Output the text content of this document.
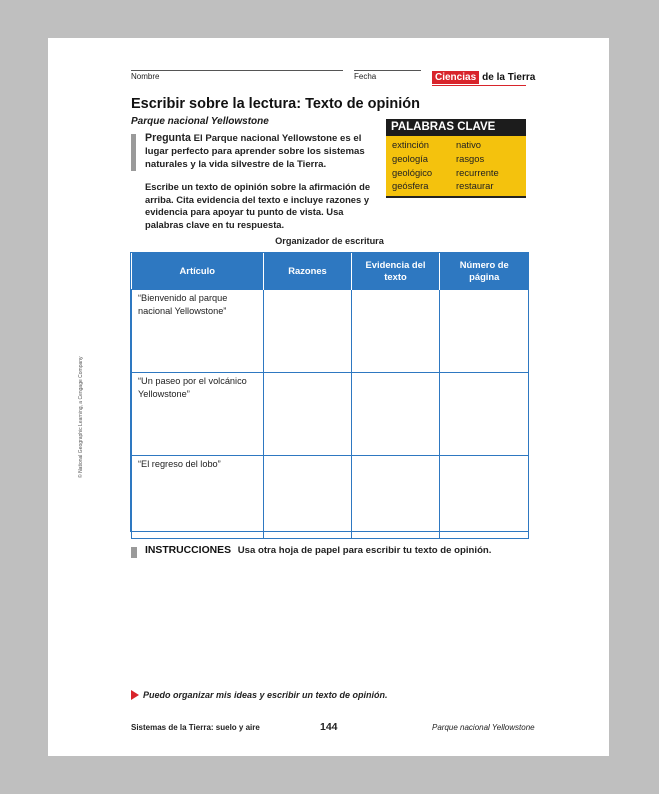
Nombre	Fecha	Ciencias de la Tierra
Escribir sobre la lectura: Texto de opinión
Parque nacional Yellowstone
Pregunta El Parque nacional Yellowstone es el lugar perfecto para aprender sobre los sistemas naturales y la vida silvestre de la Tierra.
Escribe un texto de opinión sobre la afirmación de arriba. Cita evidencia del texto e incluye razones y evidencia para apoyar tu punto de vista. Usa palabras clave en tu respuesta.
PALABRAS CLAVE
extinción	nativo
geología	rasgos
geológico	recurrente
geósfera	restaurar
Organizador de escritura
Artículo	Razones	Evidencia del texto	Número de página
“Bienvenido al parque nacional Yellowstone”			
“Un paseo por el volcánico Yellowstone”			
“El regreso del lobo”			
INSTRUCCIONES Usa otra hoja de papel para escribir tu texto de opinión.
Puedo organizar mis ideas y escribir un texto de opinión.
Sistemas de la Tierra: suelo y aire	144	Parque nacional Yellowstone
© National Geographic Learning, a Cengage Company
